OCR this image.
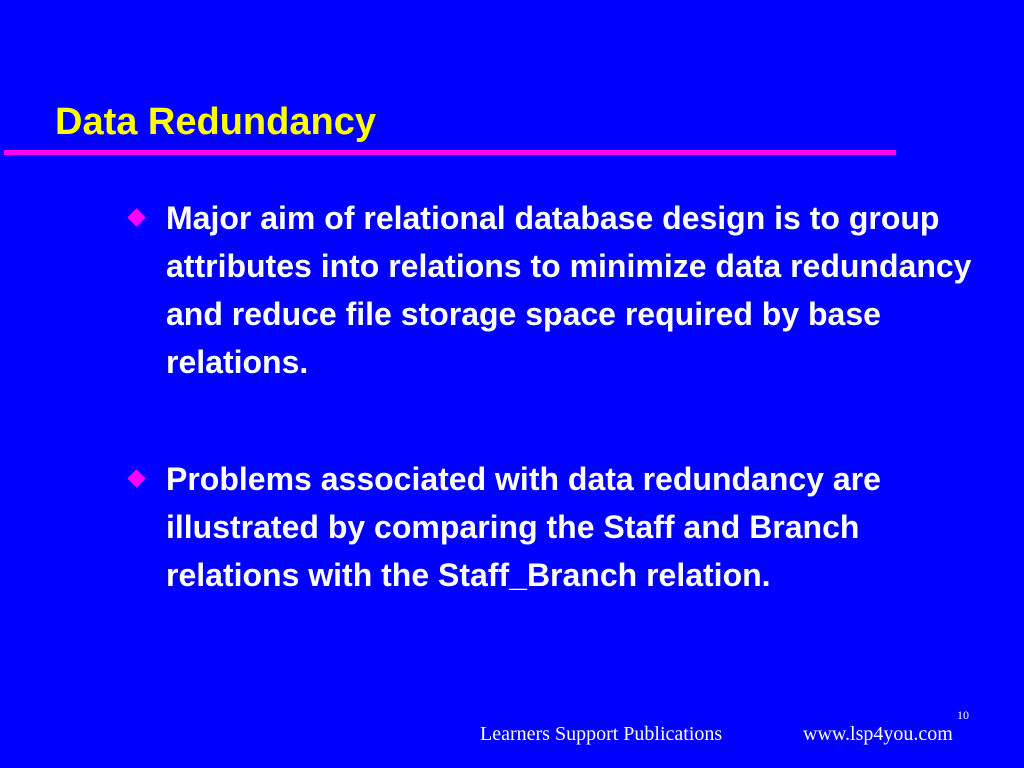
Data Redundancy
Major aim of relational database design is to group attributes into relations to minimize data redundancy and reduce file storage space required by base relations.
Problems associated with data redundancy are illustrated by comparing the Staff and Branch relations with the Staff_Branch relation.
10
Learners Support Publications	www.lsp4you.com
